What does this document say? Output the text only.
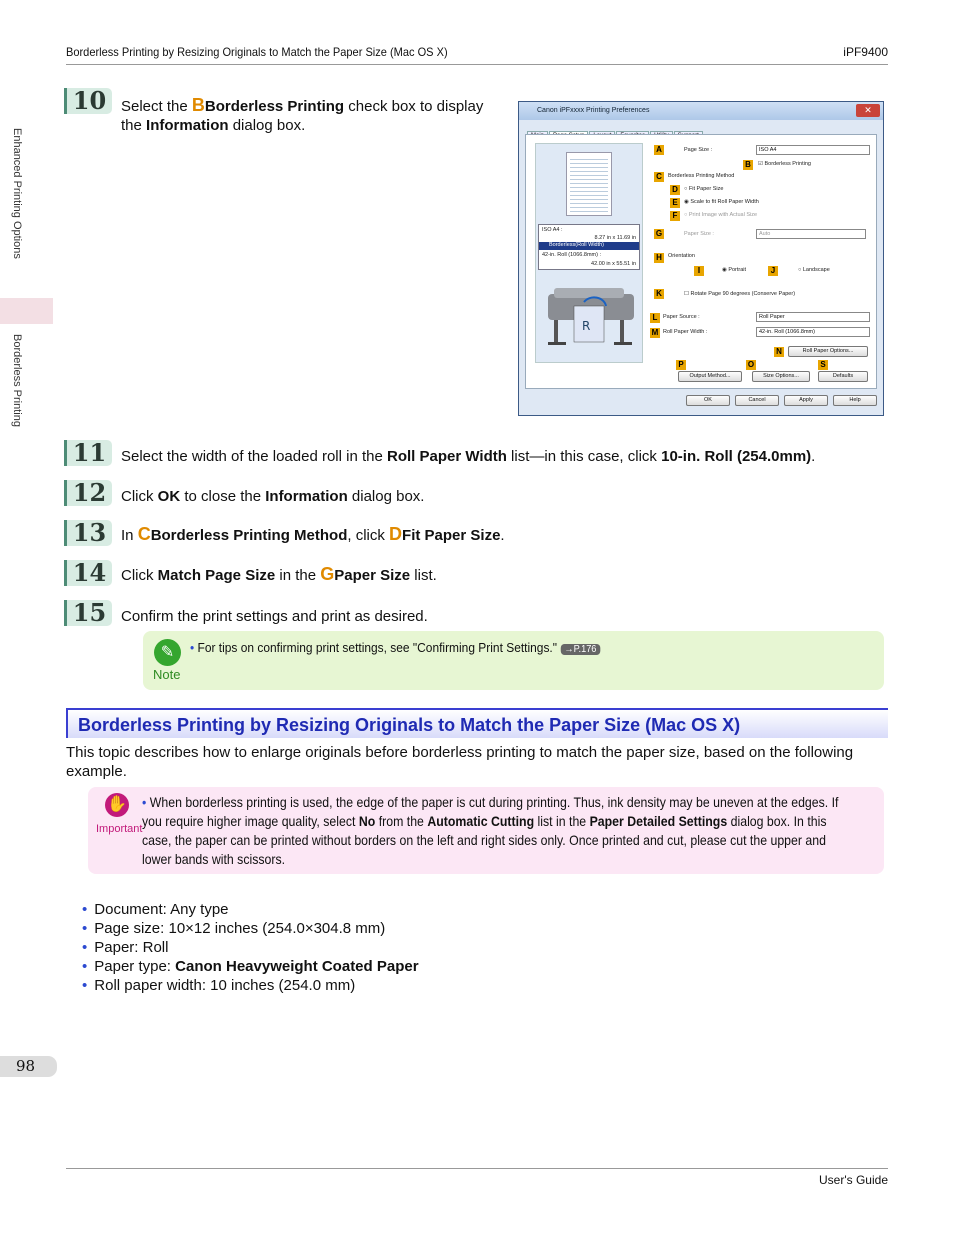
Borderless Printing by Resizing Originals to Match the Paper Size (Mac OS X)	iPF9400
Enhanced Printing Options
Borderless Printing
10 Select the BBorderless Printing check box to display
the Information dialog box.
Canon iPFxxxx Printing Preferences	✕
ISO A4 :
8.27 in x 11.69 in
Borderless(Roll Width)
42-in. Roll (1066.8mm) :
42.00 in x 55.51 in
R
A
B
C
D
E
F
G
H
I	J
K
L
M
N
P	O	S
Page Size :	ISO A4
☑ Borderless Printing
Borderless Printing Method
○ Fit Paper Size
◉ Scale to fit Roll Paper Width
○ Print Image with Actual Size
Paper Size :	Auto
Orientation
◉ Portrait	○ Landscape
☐ Rotate Page 90 degrees (Conserve Paper)
Paper Source :	Roll Paper
Roll Paper Width :	42-in. Roll (1066.8mm)
Roll Paper Options...
Output Method...	Size Options...	Defaults
OK	Cancel	Apply	Help
11 Select the width of the loaded roll in the Roll Paper Width list—in this case, click 10-in. Roll (254.0mm).
12 Click OK to close the Information dialog box.
13 In CBorderless Printing Method, click DFit Paper Size.
14 Click Match Page Size in the GPaper Size list.
15 Confirm the print settings and print as desired.
✎
Note
• For tips on confirming print settings, see "Confirming Print Settings." →P.176
Borderless Printing by Resizing Originals to Match the Paper Size (Mac OS X)
This topic describes how to enlarge originals before borderless printing to match the paper size, based on the following example.
✋
Important
• When borderless printing is used, the edge of the paper is cut during printing. Thus, ink density may be uneven at the edges. If you require higher image quality, select No from the Automatic Cutting list in the Paper Detailed Settings dialog box. In this case, the paper can be printed without borders on the left and right sides only. Once printed and cut, please cut the upper and lower bands with scissors.
• Document: Any type
• Page size: 10×12 inches (254.0×304.8 mm)
• Paper: Roll
• Paper type: Canon Heavyweight Coated Paper
• Roll paper width: 10 inches (254.0 mm)
98
User's Guide
